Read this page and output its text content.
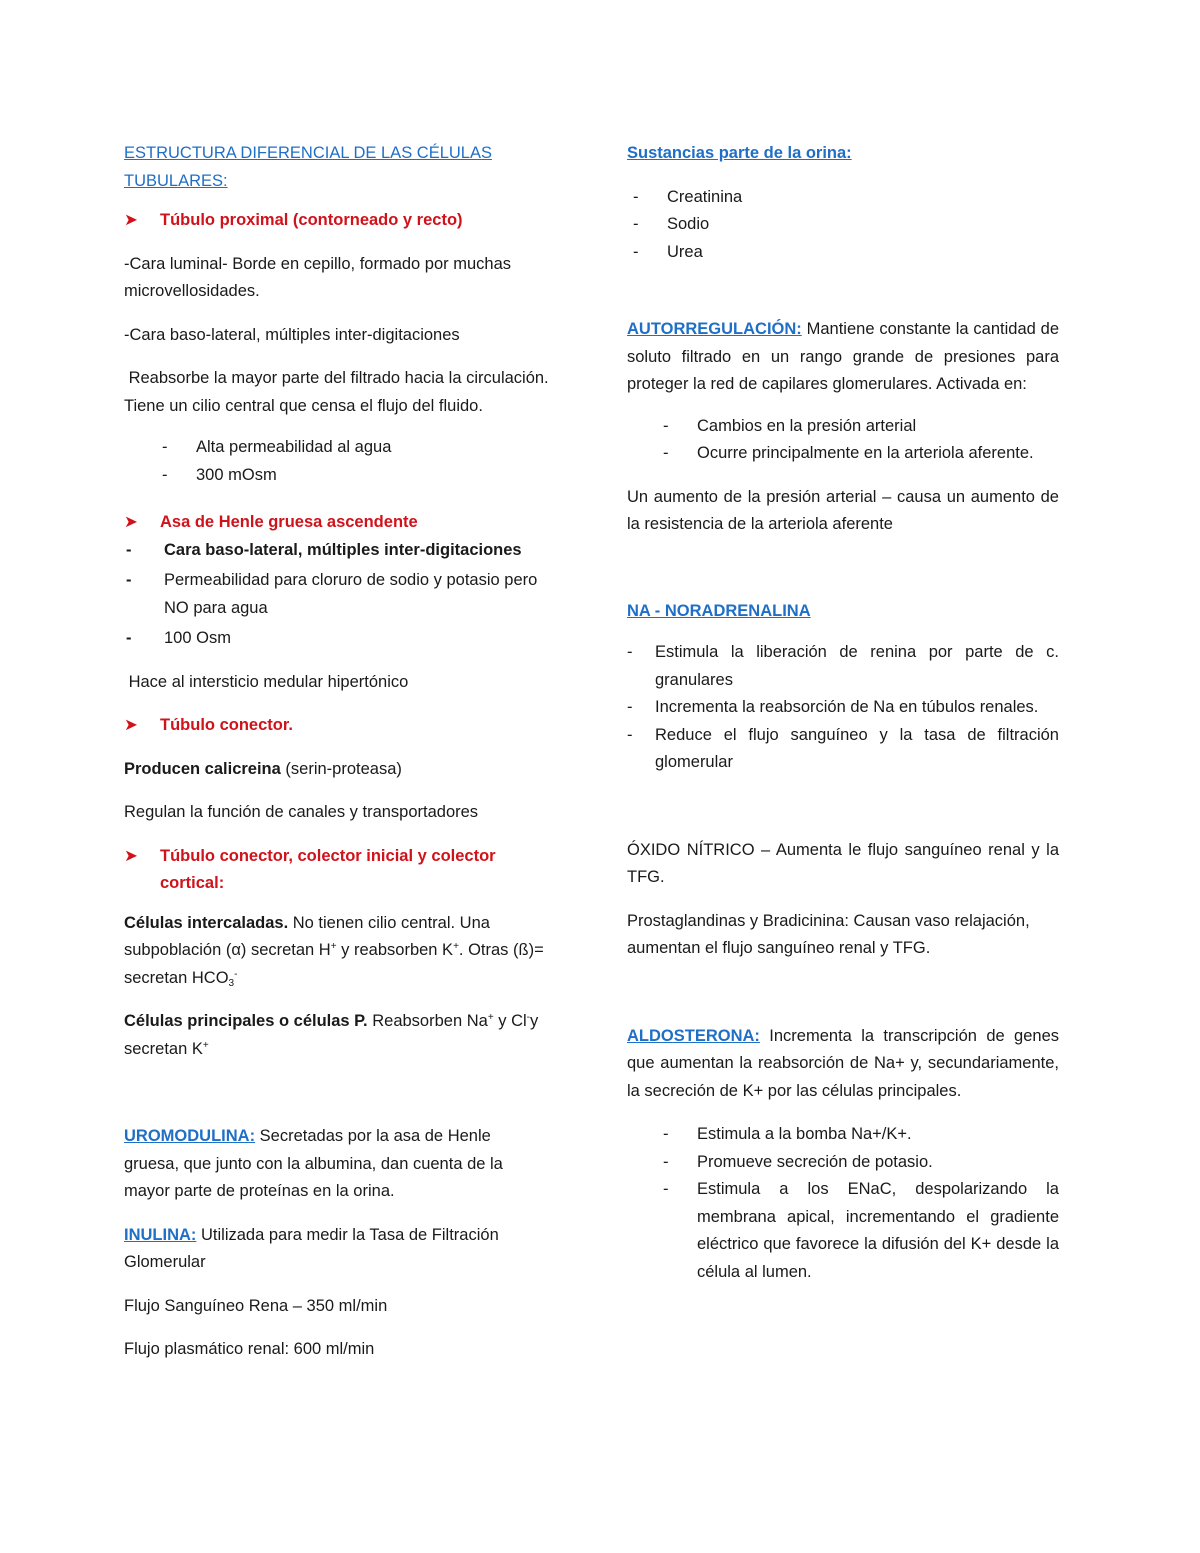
ESTRUCTURA DIFERENCIAL DE LAS CÉLULAS TUBULARES:

➤ Túbulo proximal (contorneado y recto)

-Cara luminal- Borde en cepillo, formado por muchas microvellosidades.

-Cara baso-lateral, múltiples inter-digitaciones

Reabsorbe la mayor parte del filtrado hacia la circulación. Tiene un cilio central que censa el flujo del fluido.

- Alta permeabilidad al agua
- 300 mOsm
➤ Asa de Henle gruesa ascendente
- Cara baso-lateral, múltiples inter-digitaciones
- Permeabilidad para cloruro de sodio y potasio pero NO para agua
- 100 Osm

Hace al intersticio medular hipertónico

➤ Túbulo conector.

Producen calicreina (serin-proteasa)

Regulan la función de canales y transportadores

➤ Túbulo conector, colector inicial y colector cortical:

Células intercaladas. No tienen cilio central. Una subpoblación (α) secretan H+ y reabsorben K+. Otras (ß)= secretan $HCO_3^-$

Células principales o células P. Reabsorben Na+ y Cl-y secretan K+

UROMODULINA: Secretadas por la asa de Henle gruesa, que junto con la albumina, dan cuenta de la mayor parte de proteínas en la orina.

INULINA: Utilizada para medir la Tasa de Filtración Glomerular

Flujo Sanguíneo Rena – 350 ml/min

Flujo plasmático renal: 600 ml/min

Sustancias parte de la orina:

- Creatinina
- Sodio
- Urea

AUTORREGULACIÓN: Mantiene constante la cantidad de soluto filtrado en un rango grande de presiones para proteger la red de capilares glomerulares. Activada en:

- Cambios en la presión arterial
- Ocurre principalmente en la arteriola aferente.

Un aumento de la presión arterial – causa un aumento de la resistencia de la arteriola aferente

NA - NORADRENALINA

- Estimula la liberación de renina por parte de c. granulares
- Incrementa la reabsorción de Na en túbulos renales.
- Reduce el flujo sanguíneo y la tasa de filtración glomerular

ÓXIDO NÍTRICO – Aumenta le flujo sanguíneo renal y la TFG.

Prostaglandinas y Bradicinina: Causan vaso relajación, aumentan el flujo sanguíneo renal y TFG.

ALDOSTERONA: Incrementa la transcripción de genes que aumentan la reabsorción de Na+ y, secundariamente, la secreción de K+ por las células principales.

- Estimula a la bomba Na+/K+.
- Promueve secreción de potasio.
- Estimula a los ENaC, despolarizando la membrana apical, incrementando el gradiente eléctrico que favorece la difusión del K+ desde la célula al lumen.
